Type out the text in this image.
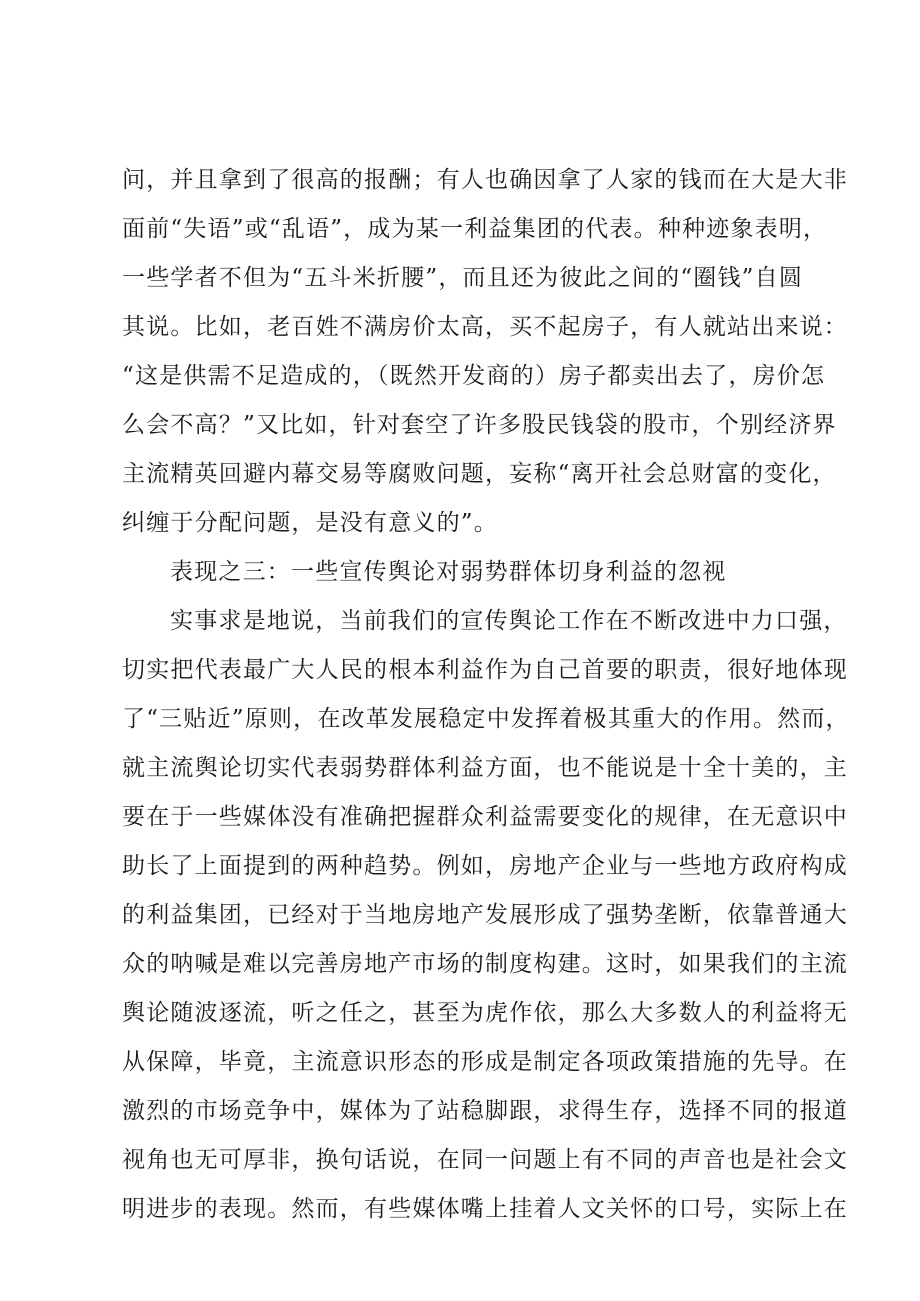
问，并且拿到了很高的报酬；有人也确因拿了人家的钱而在大是大非
面前“失语”或“乱语”，成为某一利益集团的代表。种种迹象表明，
一些学者不但为“五斗米折腰”，而且还为彼此之间的“圈钱”自圆
其说。比如，老百姓不满房价太高，买不起房子，有人就站出来说：
“这是供需不足造成的，（既然开发商的）房子都卖出去了，房价怎
么会不高？”又比如，针对套空了许多股民钱袋的股市，个别经济界
主流精英回避内幕交易等腐败问题，妄称“离开社会总财富的变化，
纠缠于分配问题，是没有意义的”。
表现之三：一些宣传舆论对弱势群体切身利益的忽视
实事求是地说，当前我们的宣传舆论工作在不断改进中力口强，
切实把代表最广大人民的根本利益作为自己首要的职责，很好地体现
了“三贴近”原则，在改革发展稳定中发挥着极其重大的作用。然而，
就主流舆论切实代表弱势群体利益方面，也不能说是十全十美的，主
要在于一些媒体没有准确把握群众利益需要变化的规律，在无意识中
助长了上面提到的两种趋势。例如，房地产企业与一些地方政府构成
的利益集团，已经对于当地房地产发展形成了强势垄断，依靠普通大
众的呐喊是难以完善房地产市场的制度构建。这时，如果我们的主流
舆论随波逐流，听之任之，甚至为虎作依，那么大多数人的利益将无
从保障，毕竟，主流意识形态的形成是制定各项政策措施的先导。在
激烈的市场竞争中，媒体为了站稳脚跟，求得生存，选择不同的报道
视角也无可厚非，换句话说，在同一问题上有不同的声音也是社会文
明进步的表现。然而，有些媒体嘴上挂着人文关怀的口号，实际上在
